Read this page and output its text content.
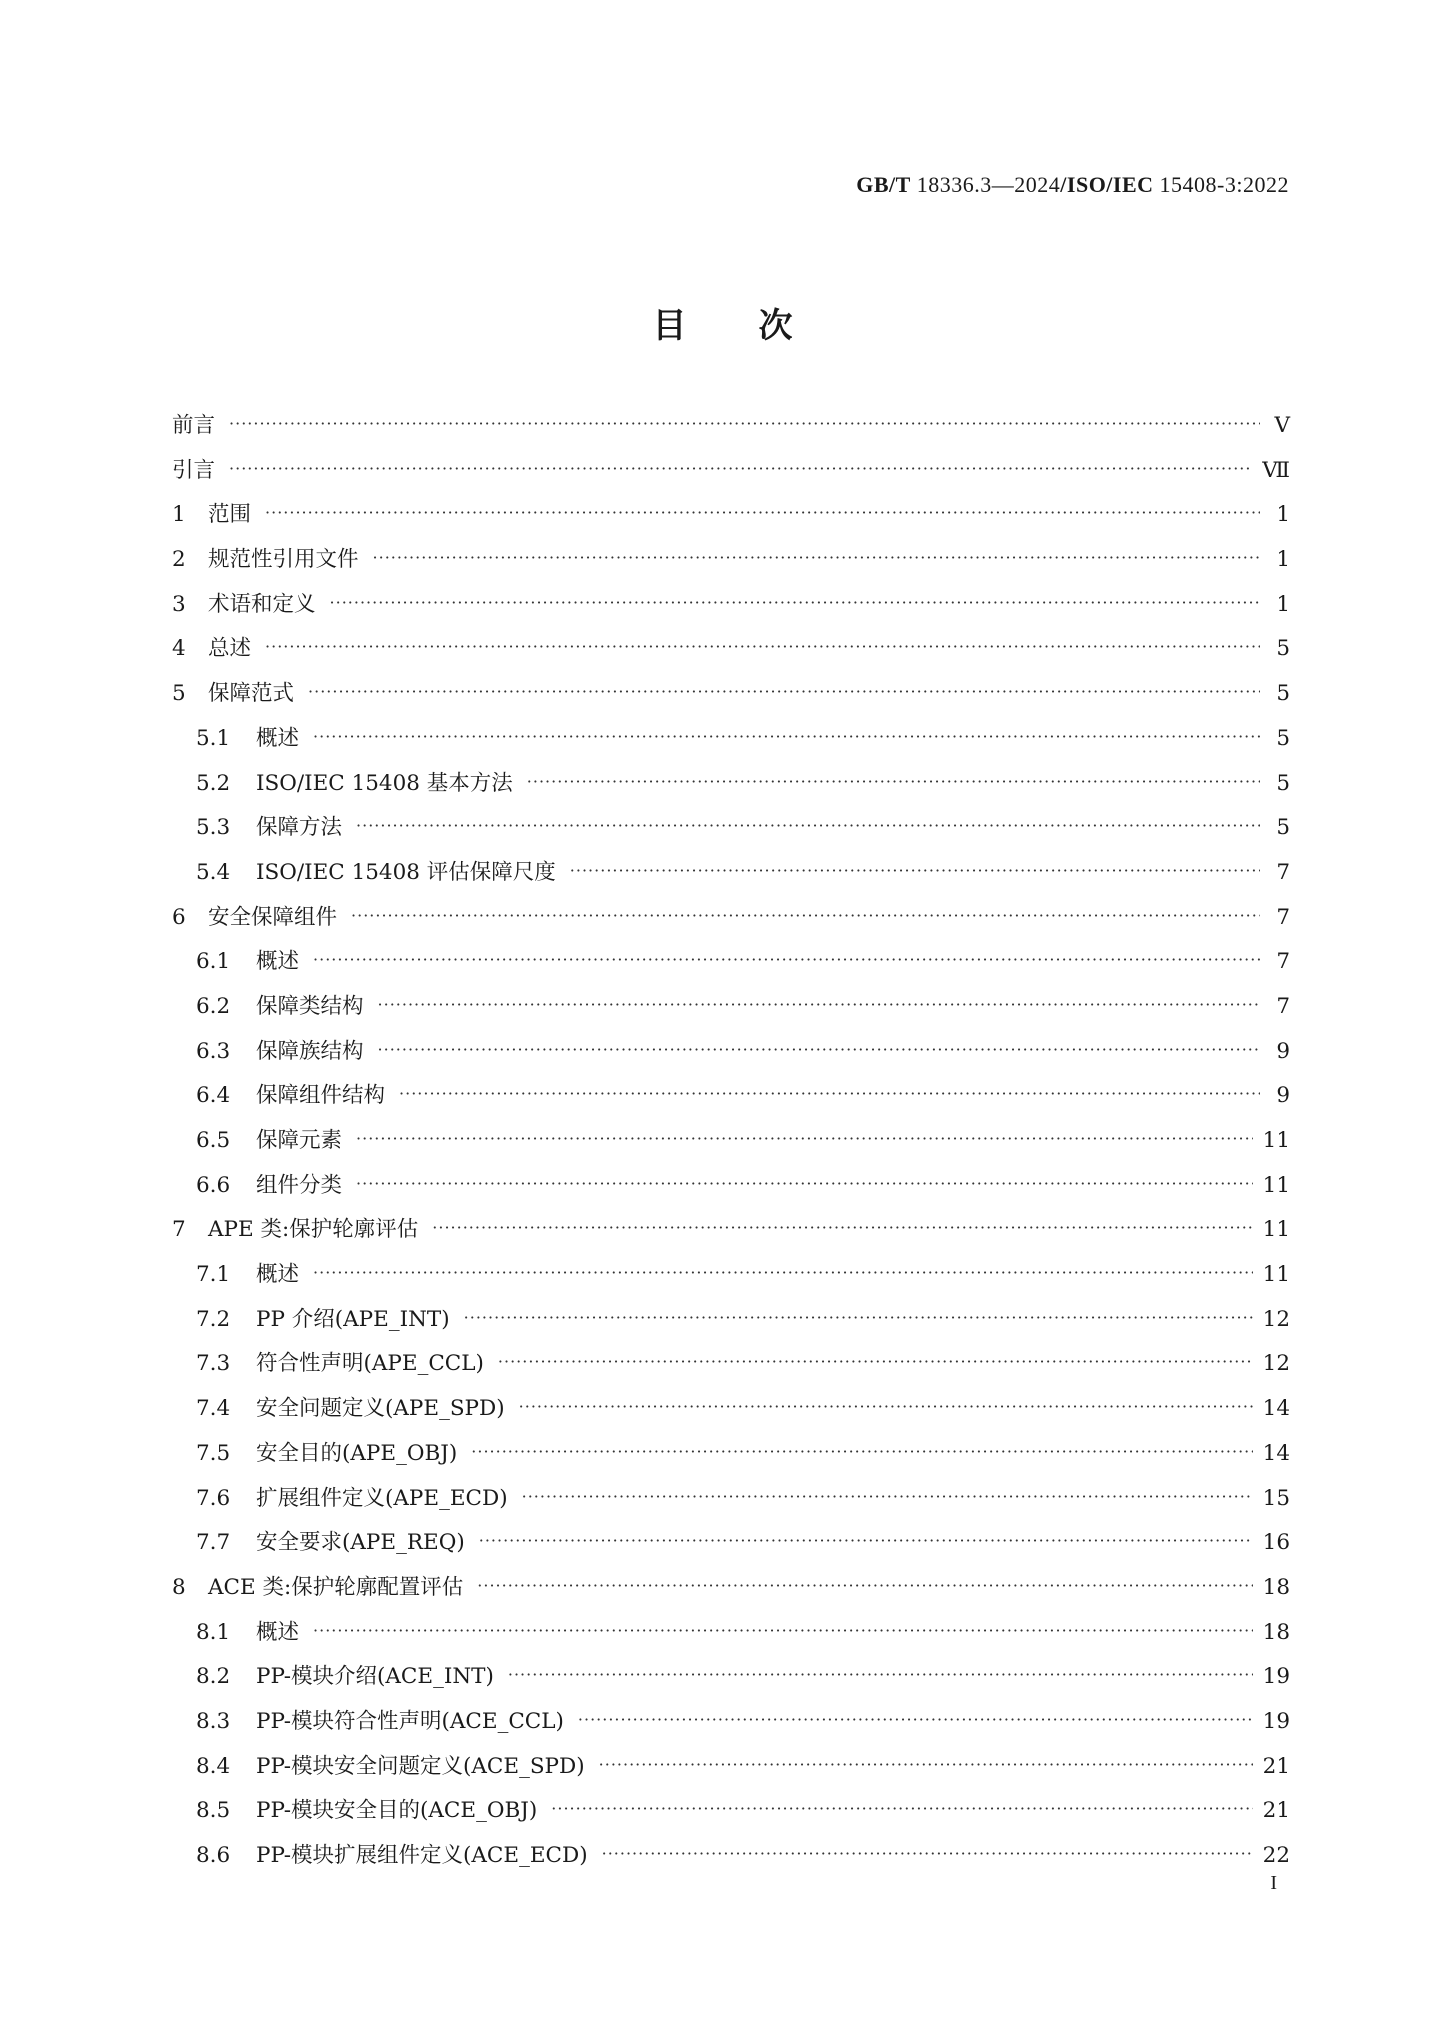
GB/T 18336.3—2024/ISO/IEC 15408-3:2022
目次
前言 ·····	Ⅴ
引言 ·····	Ⅶ
1	范围 ·····	1
2	规范性引用文件 ·····	1
3	术语和定义 ·····	1
4	总述 ·····	5
5	保障范式 ·····	5
5.1	概述 ·····	5
5.2	ISO/IEC 15408 基本方法 ·····	5
5.3	保障方法 ·····	5
5.4	ISO/IEC 15408 评估保障尺度 ·····	7
6	安全保障组件 ·····	7
6.1	概述 ·····	7
6.2	保障类结构 ·····	7
6.3	保障族结构 ·····	9
6.4	保障组件结构 ·····	9
6.5	保障元素 ·····	11
6.6	组件分类 ·····	11
7	APE 类:保护轮廓评估 ·····	11
7.1	概述 ·····	11
7.2	PP 介绍(APE_INT) ·····	12
7.3	符合性声明(APE_CCL) ·····	12
7.4	安全问题定义(APE_SPD) ·····	14
7.5	安全目的(APE_OBJ) ·····	14
7.6	扩展组件定义(APE_ECD) ·····	15
7.7	安全要求(APE_REQ) ·····	16
8	ACE 类:保护轮廓配置评估 ·····	18
8.1	概述 ·····	18
8.2	PP-模块介绍(ACE_INT) ·····	19
8.3	PP-模块符合性声明(ACE_CCL) ·····	19
8.4	PP-模块安全问题定义(ACE_SPD) ·····	21
8.5	PP-模块安全目的(ACE_OBJ) ·····	21
8.6	PP-模块扩展组件定义(ACE_ECD) ·····	22
I
